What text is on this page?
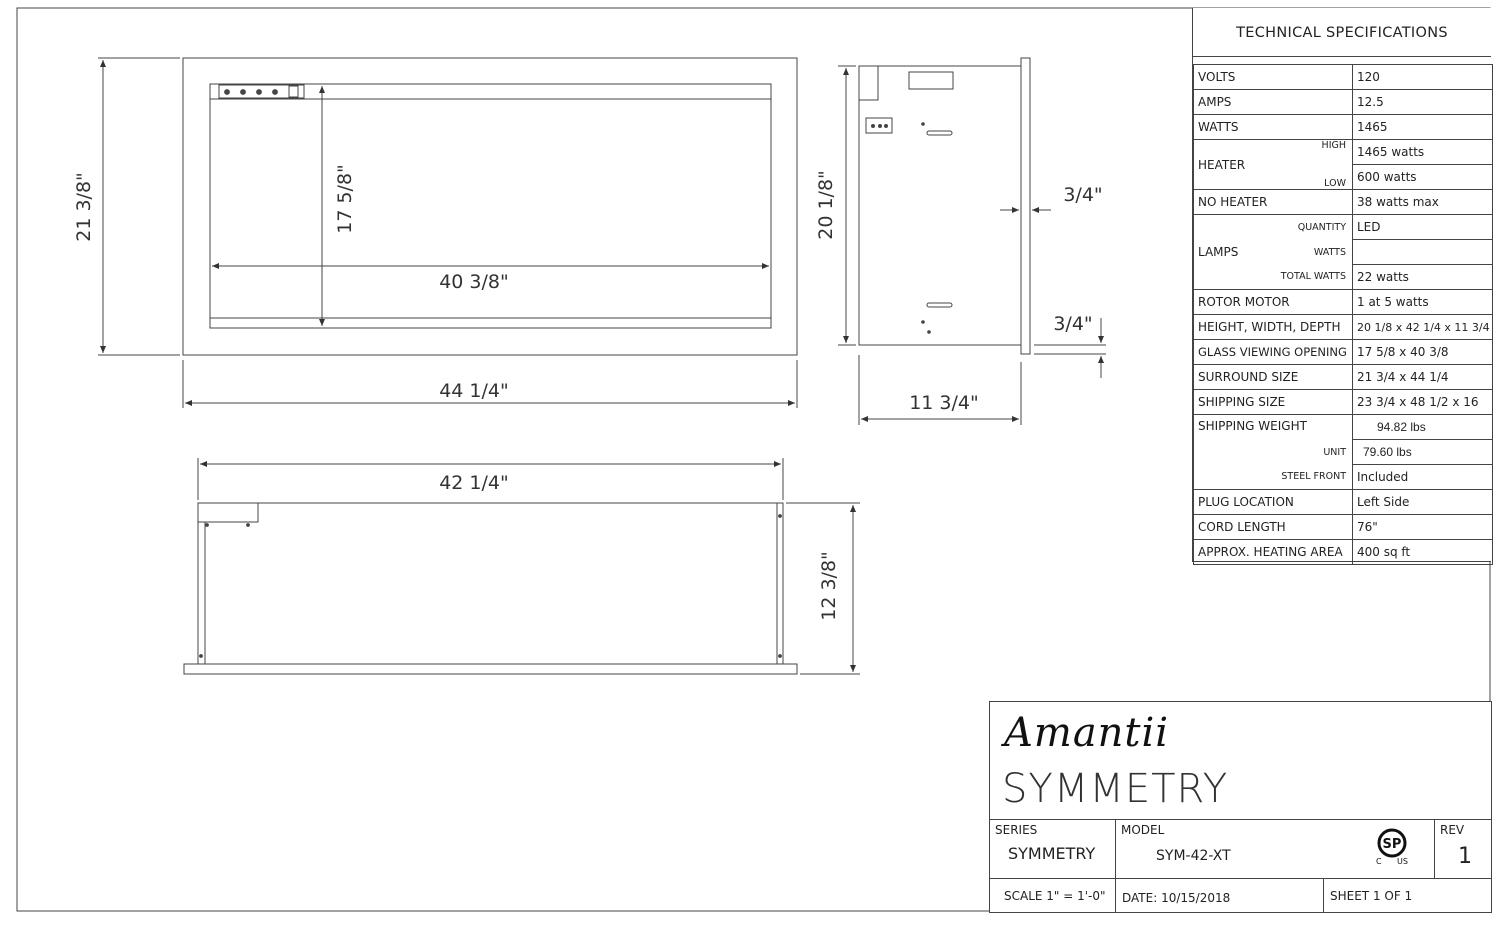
21 3/8"	17 5/8"
40 3/8"
44 1/4"
20 1/8"	3/4"
3/4"
11 3/4"
42 1/4"
12 3/8"
TECHNICAL SPECIFICATIONS
VOLTS		120
AMPS		12.5
WATTS		1465
HEATER	HIGH	1465 watts
	LOW	600 watts
NO HEATER		38 watts max
LAMPS	QUANTITY	LED
	WATTS	
	TOTAL WATTS	22 watts
ROTOR MOTOR		1 at 5 watts
HEIGHT, WIDTH, DEPTH		20 1/8 x 42 1/4 x 11 3/4
GLASS VIEWING OPENING		17 5/8 x 40 3/8
SURROUND SIZE		21 3/4 x 44 1/4
SHIPPING SIZE		23 3/4 x 48 1/2 x 16
SHIPPING WEIGHT		94.82 lbs
	UNIT	79.60 lbs
	STEEL FRONT	Included
PLUG LOCATION		Left Side
CORD LENGTH		76"
APPROX. HEATING AREA		400 sq ft
Amantii
SYMMETRY
SERIES
SYMMETRY
MODEL
SYM-42-XT
SP
C US
REV
1
SCALE 1" = 1'-0" DATE: 10/15/2018	SHEET 1 OF 1
